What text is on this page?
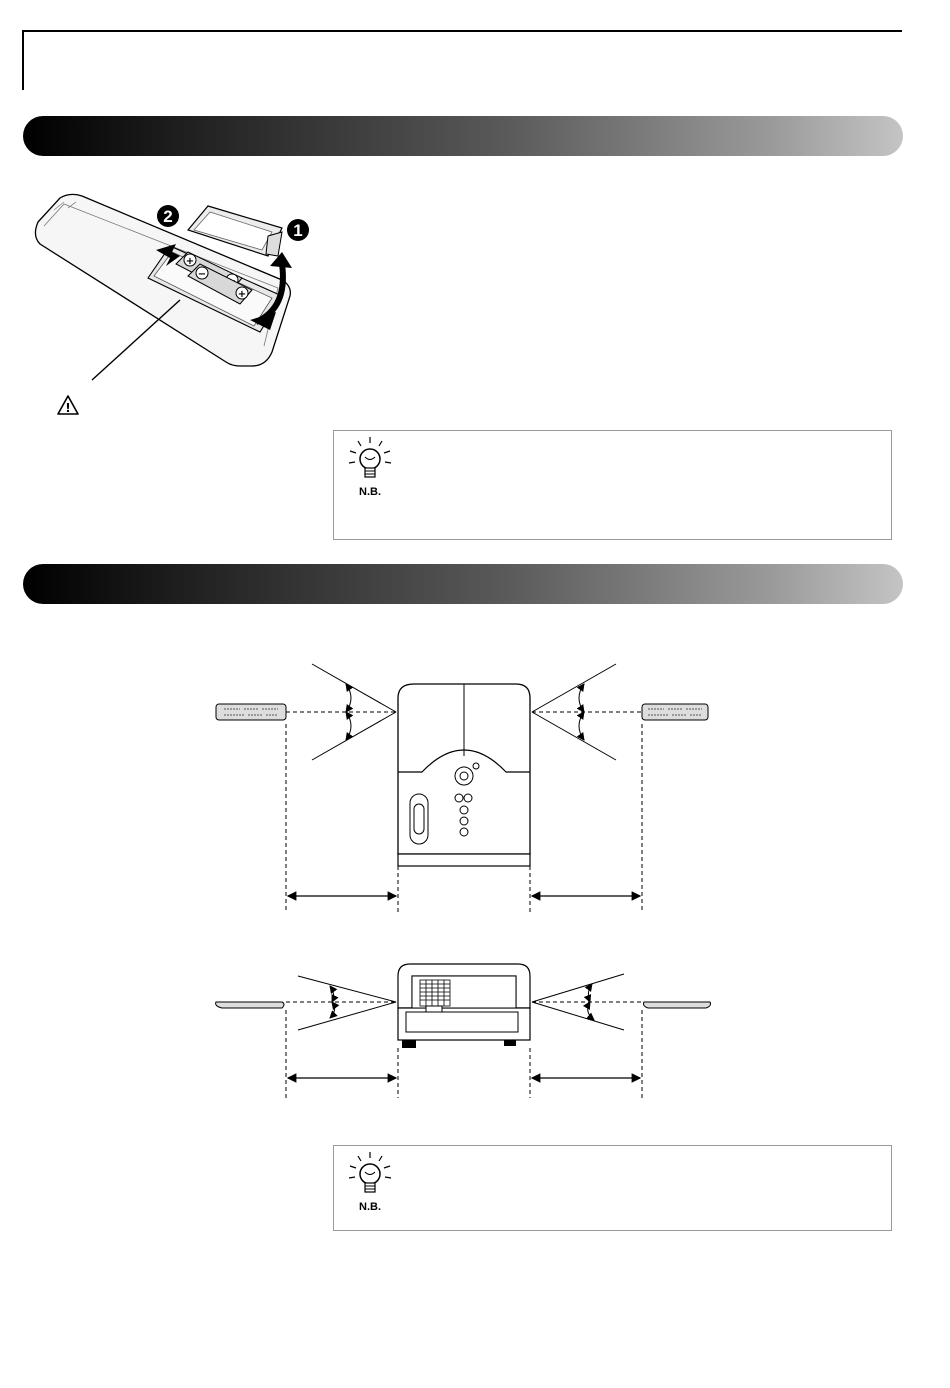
+
−
+
2
1
!
N.B.
N.B.
